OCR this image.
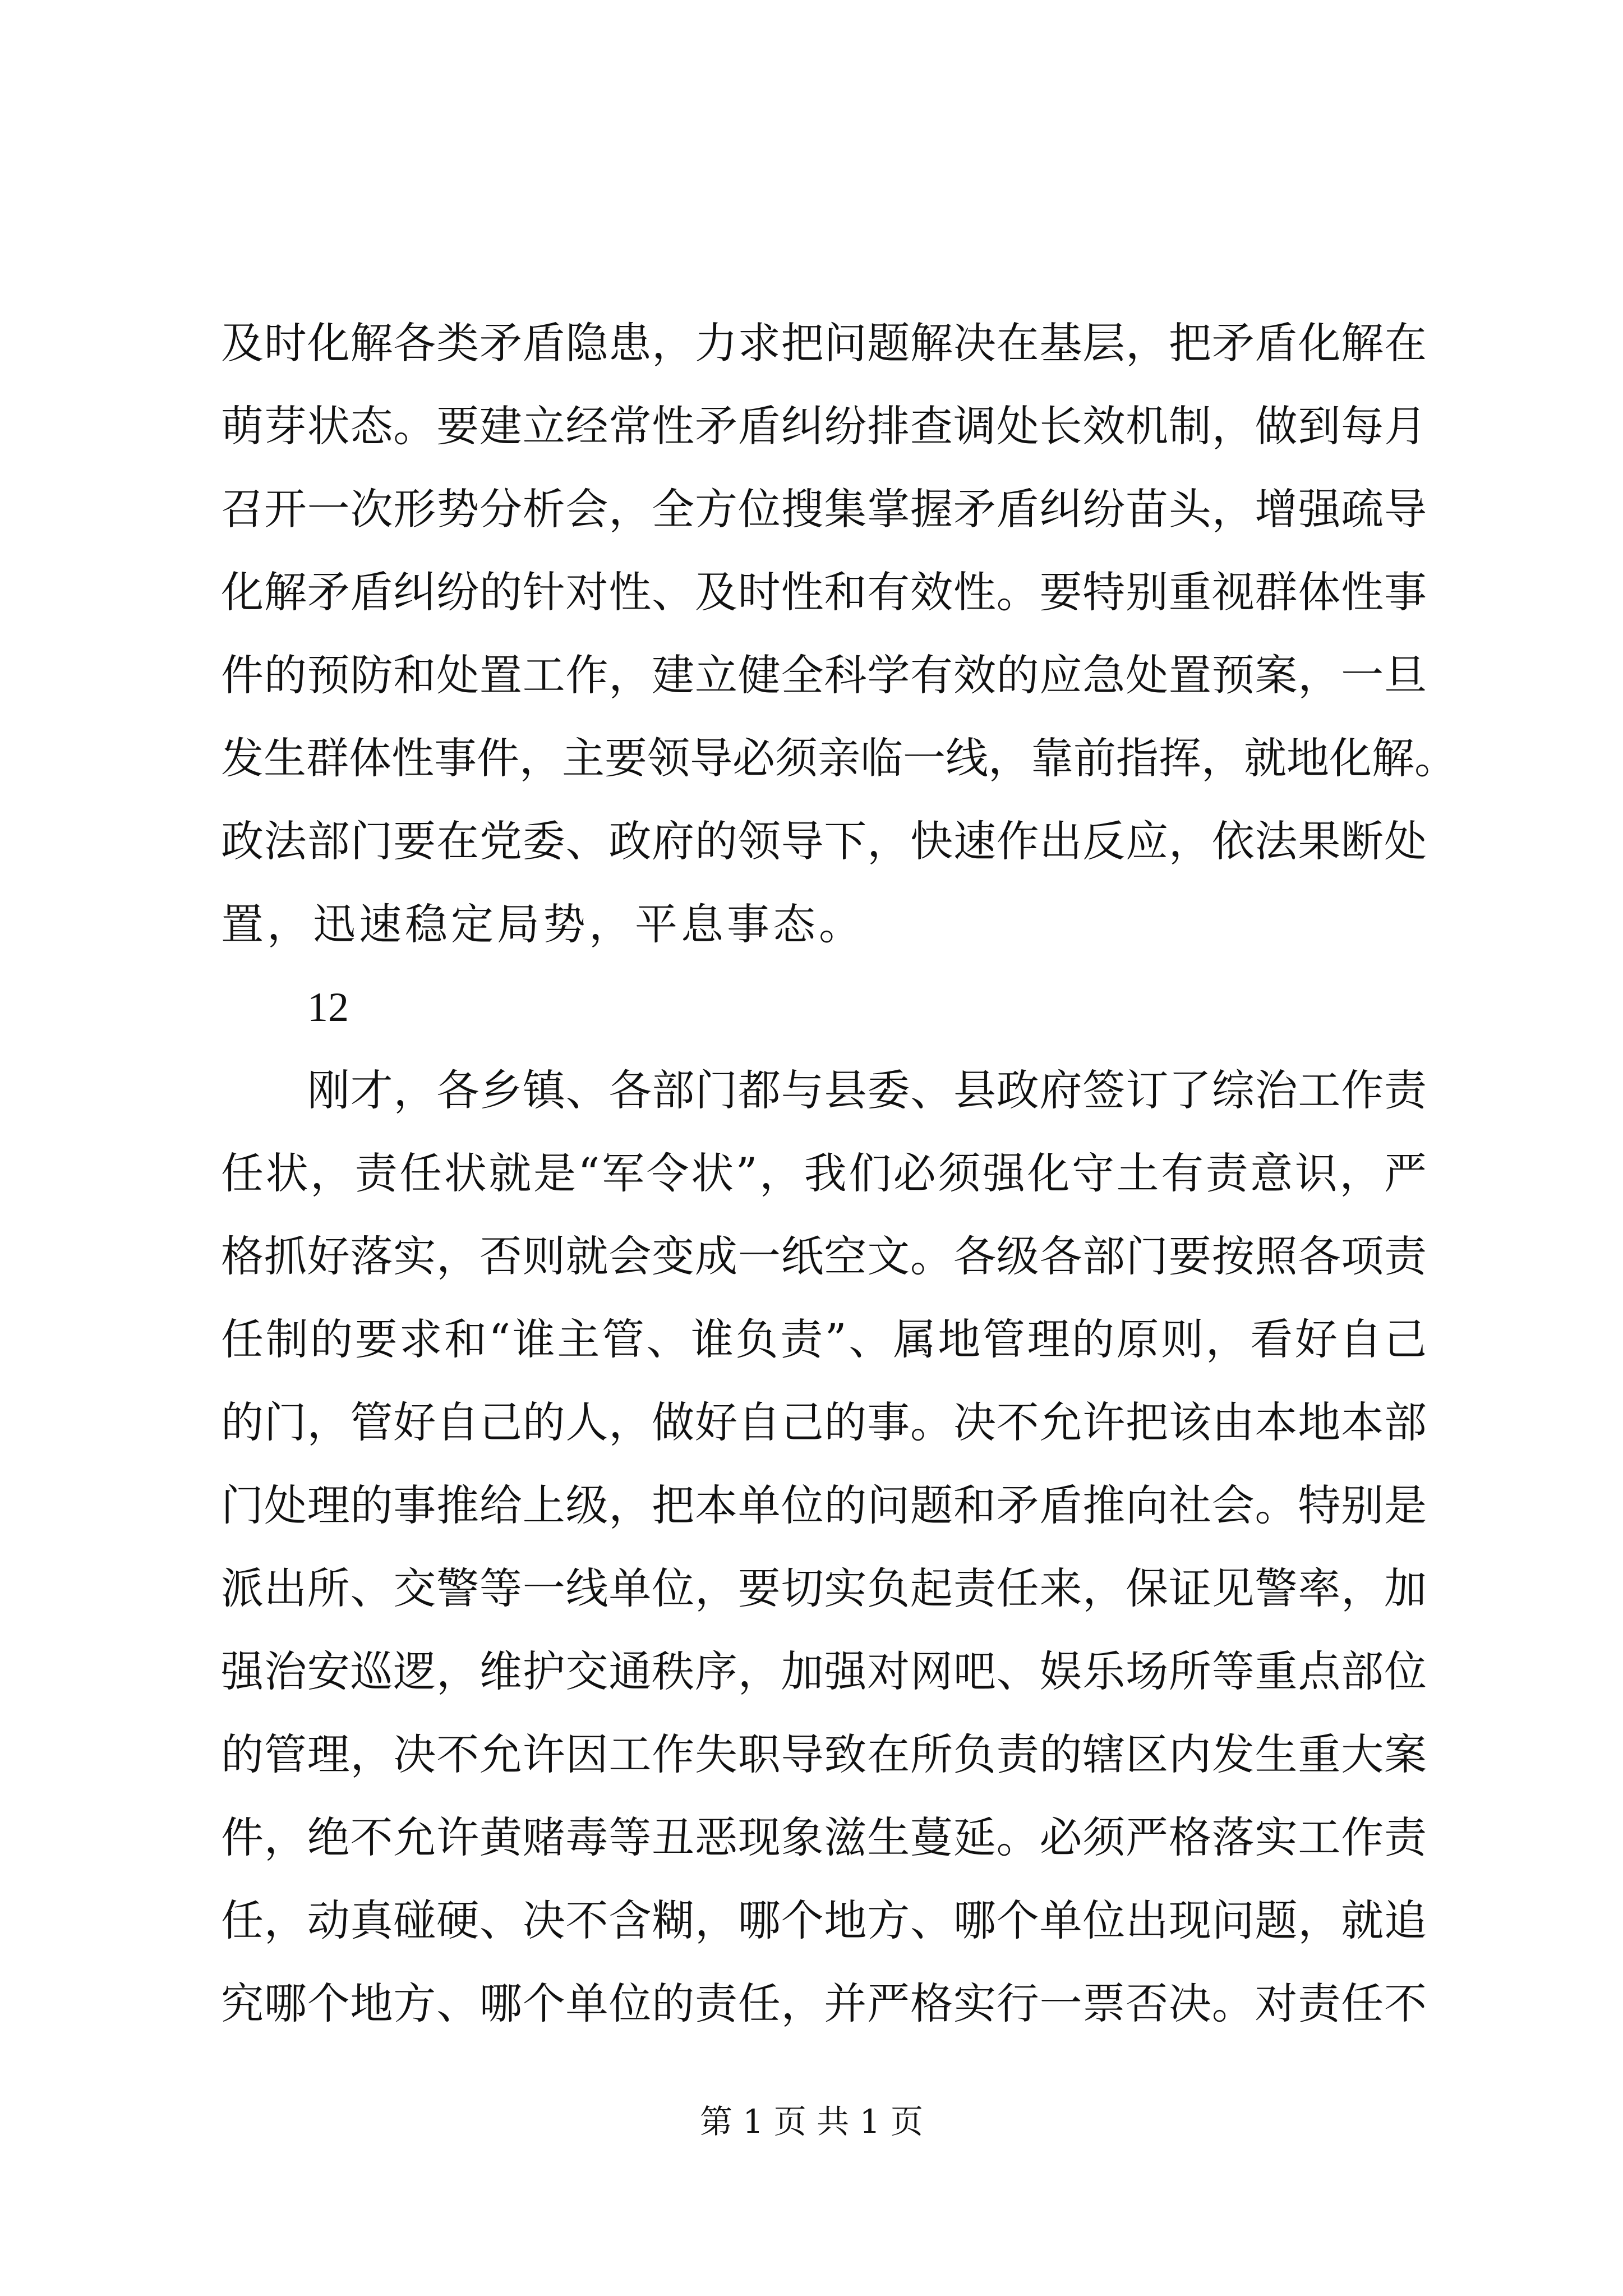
及时化解各类矛盾隐患，力求把问题解决在基层，把矛盾化解在
萌芽状态。要建立经常性矛盾纠纷排查调处长效机制，做到每月
召开一次形势分析会，全方位搜集掌握矛盾纠纷苗头，增强疏导
化解矛盾纠纷的针对性、及时性和有效性。要特别重视群体性事
件的预防和处置工作，建立健全科学有效的应急处置预案，一旦
发生群体性事件，主要领导必须亲临一线，靠前指挥，就地化解。
政法部门要在党委、政府的领导下，快速作出反应，依法果断处
置，迅速稳定局势，平息事态。
12
刚才，各乡镇、各部门都与县委、县政府签订了综治工作责
任状，责任状就是“军令状”，我们必须强化守土有责意识，严
格抓好落实，否则就会变成一纸空文。各级各部门要按照各项责
任制的要求和“谁主管、谁负责”、属地管理的原则，看好自己
的门，管好自己的人，做好自己的事。决不允许把该由本地本部
门处理的事推给上级，把本单位的问题和矛盾推向社会。特别是
派出所、交警等一线单位，要切实负起责任来，保证见警率，加
强治安巡逻，维护交通秩序，加强对网吧、娱乐场所等重点部位
的管理，决不允许因工作失职导致在所负责的辖区内发生重大案
件，绝不允许黄赌毒等丑恶现象滋生蔓延。必须严格落实工作责
任，动真碰硬、决不含糊，哪个地方、哪个单位出现问题，就追
究哪个地方、哪个单位的责任，并严格实行一票否决。对责任不
第 1 页 共 1 页
